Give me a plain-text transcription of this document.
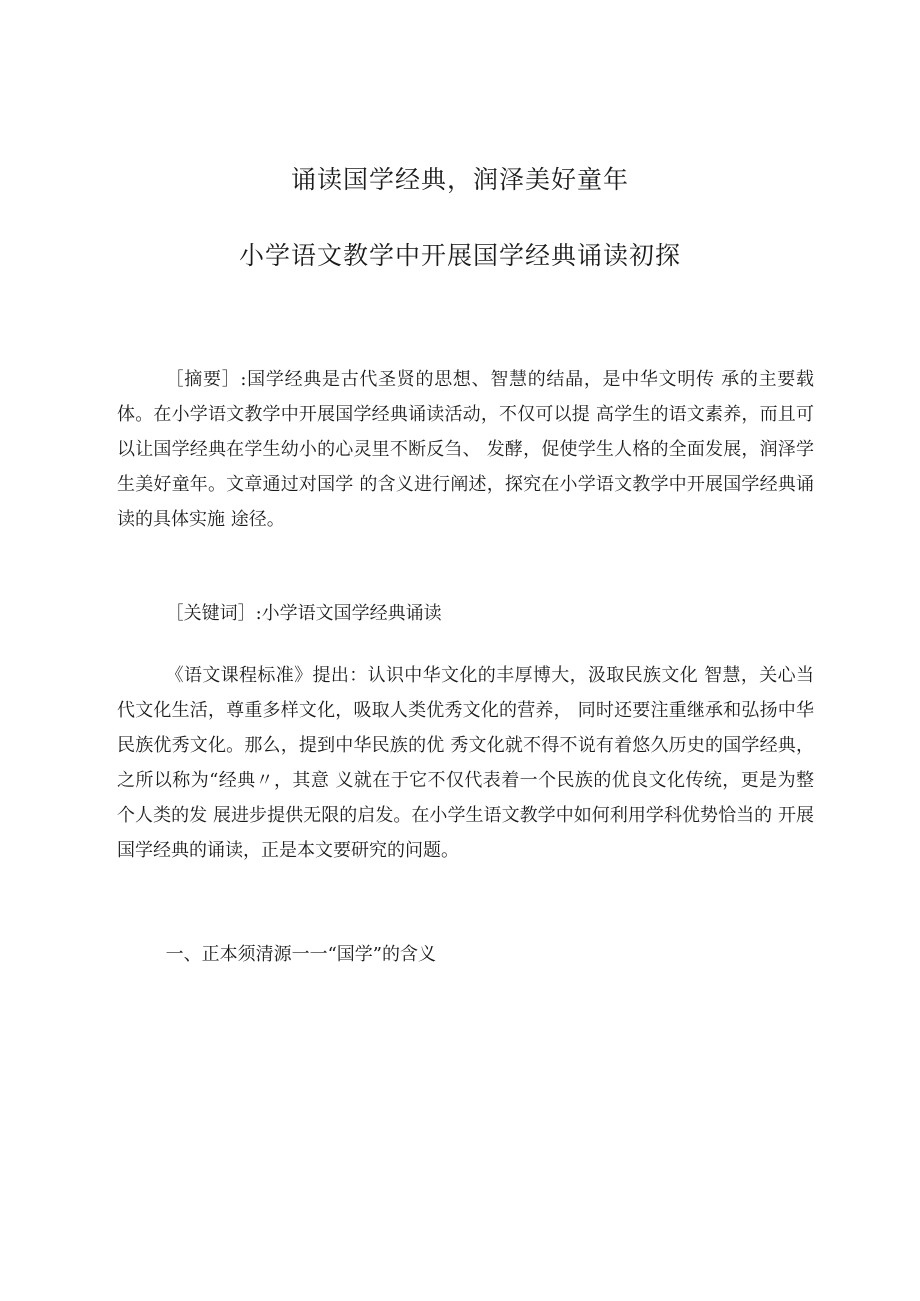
诵读国学经典，润泽美好童年
小学语文教学中开展国学经典诵读初探

［摘要］:国学经典是古代圣贤的思想、智慧的结晶，是中华文明传 承的主要载体。在小学语文教学中开展国学经典诵读活动，不仅可以提 高学生的语文素养，而且可以让国学经典在学生幼小的心灵里不断反刍、 发酵，促使学生人格的全面发展，润泽学生美好童年。文章通过对国学 的含义进行阐述，探究在小学语文教学中开展国学经典诵读的具体实施 途径。

［关键词］:小学语文国学经典诵读

《语文课程标准》提出：认识中华文化的丰厚博大，汲取民族文化 智慧，关心当代文化生活，尊重多样文化，吸取人类优秀文化的营养， 同时还要注重继承和弘扬中华民族优秀文化。那么，提到中华民族的优 秀文化就不得不说有着悠久历史的国学经典，之所以称为“经典〃，其意 义就在于它不仅代表着一个民族的优良文化传统，更是为整个人类的发 展进步提供无限的启发。在小学生语文教学中如何利用学科优势恰当的 开展国学经典的诵读，正是本文要研究的问题。

一、正本须清源一一“国学”的含义
